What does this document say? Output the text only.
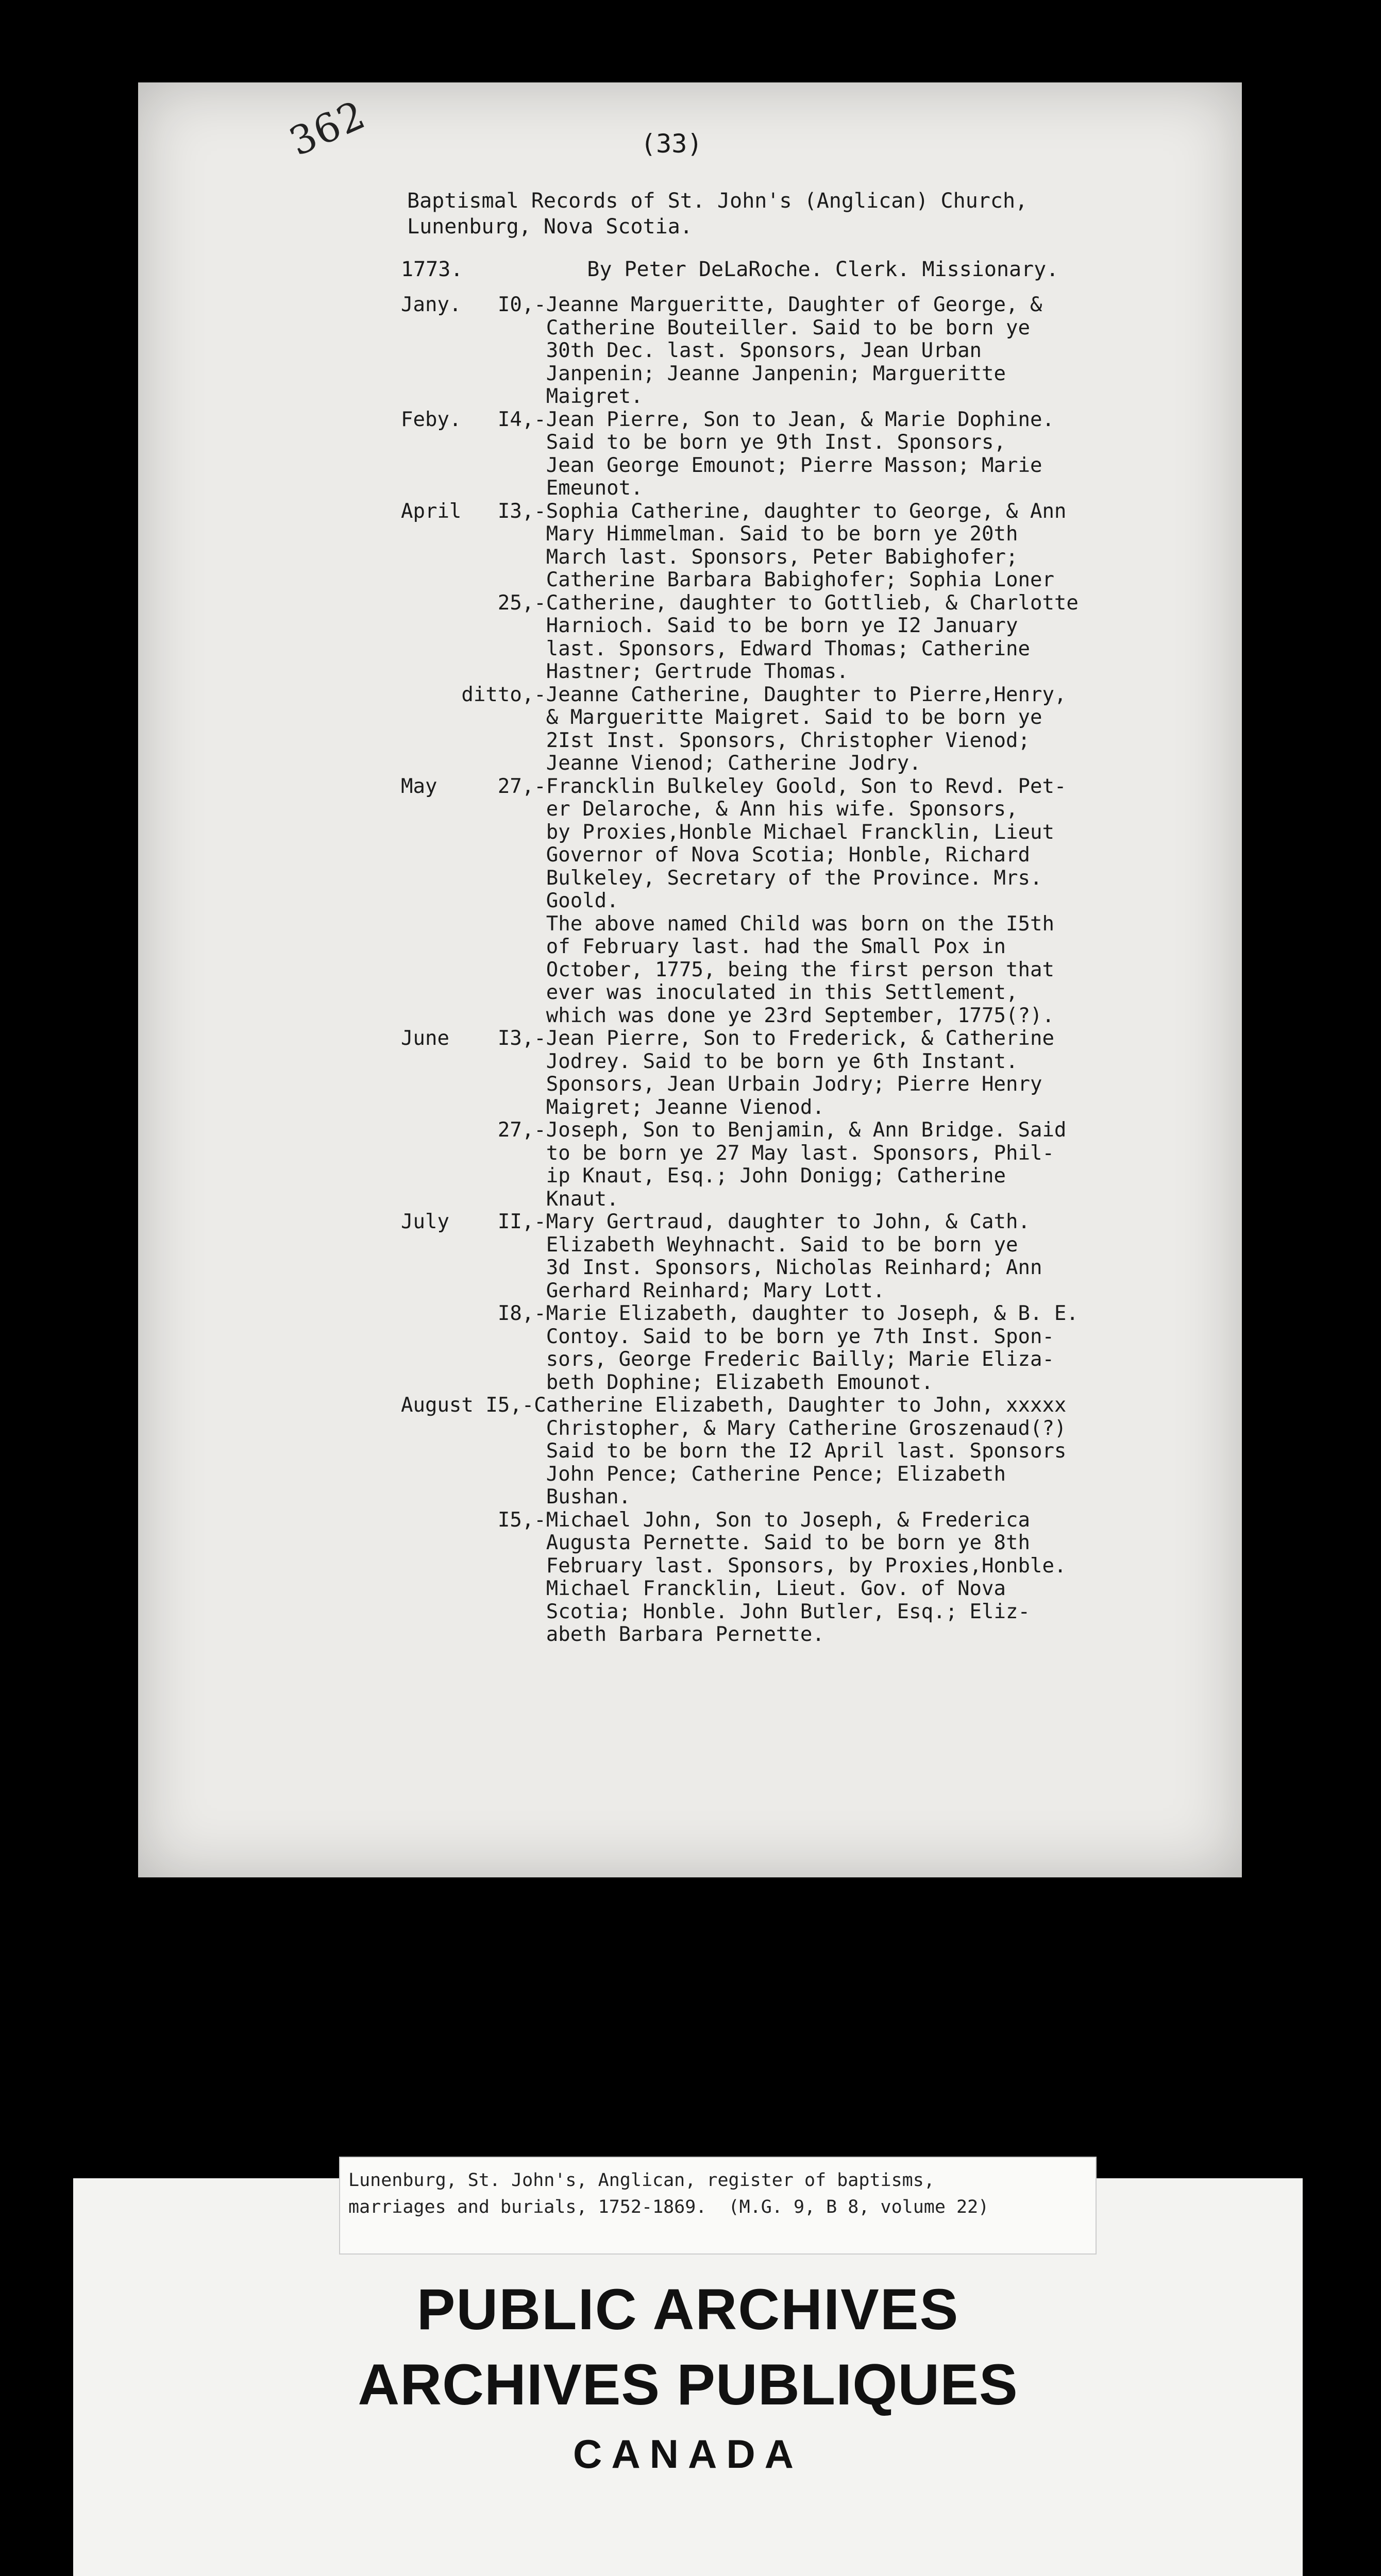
362	(33)
Baptismal Records of St. John's (Anglican) Church,
Lunenburg, Nova Scotia.
1773.          By Peter DeLaRoche. Clerk. Missionary.
Jany.   I0,-Jeanne Margueritte, Daughter of George, &
Catherine Bouteiller. Said to be born ye
30th Dec. last. Sponsors, Jean Urban
Janpenin; Jeanne Janpenin; Margueritte
Maigret.
Feby.   I4,-Jean Pierre, Son to Jean, & Marie Dophine.
Said to be born ye 9th Inst. Sponsors,
Jean George Emounot; Pierre Masson; Marie
Emeunot.
April   I3,-Sophia Catherine, daughter to George, & Ann
Mary Himmelman. Said to be born ye 20th
March last. Sponsors, Peter Babighofer;
Catherine Barbara Babighofer; Sophia Loner
25,-Catherine, daughter to Gottlieb, & Charlotte
Harnioch. Said to be born ye I2 January
last. Sponsors, Edward Thomas; Catherine
Hastner; Gertrude Thomas.
ditto,-Jeanne Catherine, Daughter to Pierre,Henry,
& Margueritte Maigret. Said to be born ye
2Ist Inst. Sponsors, Christopher Vienod;
Jeanne Vienod; Catherine Jodry.
May     27,-Francklin Bulkeley Goold, Son to Revd. Pet-
er Delaroche, & Ann his wife. Sponsors,
by Proxies,Honble Michael Francklin, Lieut
Governor of Nova Scotia; Honble, Richard
Bulkeley, Secretary of the Province. Mrs.
Goold.
The above named Child was born on the I5th
of February last. had the Small Pox in
October, 1775, being the first person that
ever was inoculated in this Settlement,
which was done ye 23rd September, 1775(?).
June    I3,-Jean Pierre, Son to Frederick, & Catherine
Jodrey. Said to be born ye 6th Instant.
Sponsors, Jean Urbain Jodry; Pierre Henry
Maigret; Jeanne Vienod.
27,-Joseph, Son to Benjamin, & Ann Bridge. Said
to be born ye 27 May last. Sponsors, Phil-
ip Knaut, Esq.; John Donigg; Catherine
Knaut.
July    II,-Mary Gertraud, daughter to John, & Cath.
Elizabeth Weyhnacht. Said to be born ye
3d Inst. Sponsors, Nicholas Reinhard; Ann
Gerhard Reinhard; Mary Lott.
I8,-Marie Elizabeth, daughter to Joseph, & B. E.
Contoy. Said to be born ye 7th Inst. Spon-
sors, George Frederic Bailly; Marie Eliza-
beth Dophine; Elizabeth Emounot.
August I5,-Catherine Elizabeth, Daughter to John, xxxxx
Christopher, & Mary Catherine Groszenaud(?)
Said to be born the I2 April last. Sponsors
John Pence; Catherine Pence; Elizabeth
Bushan.
I5,-Michael John, Son to Joseph, & Frederica
Augusta Pernette. Said to be born ye 8th
February last. Sponsors, by Proxies,Honble.
Michael Francklin, Lieut. Gov. of Nova
Scotia; Honble. John Butler, Esq.; Eliz-
abeth Barbara Pernette.
Lunenburg, St. John's, Anglican, register of baptisms,
marriages and burials, 1752-1869.  (M.G. 9, B 8, volume 22)
PUBLIC ARCHIVES
ARCHIVES PUBLIQUES
CANADA
